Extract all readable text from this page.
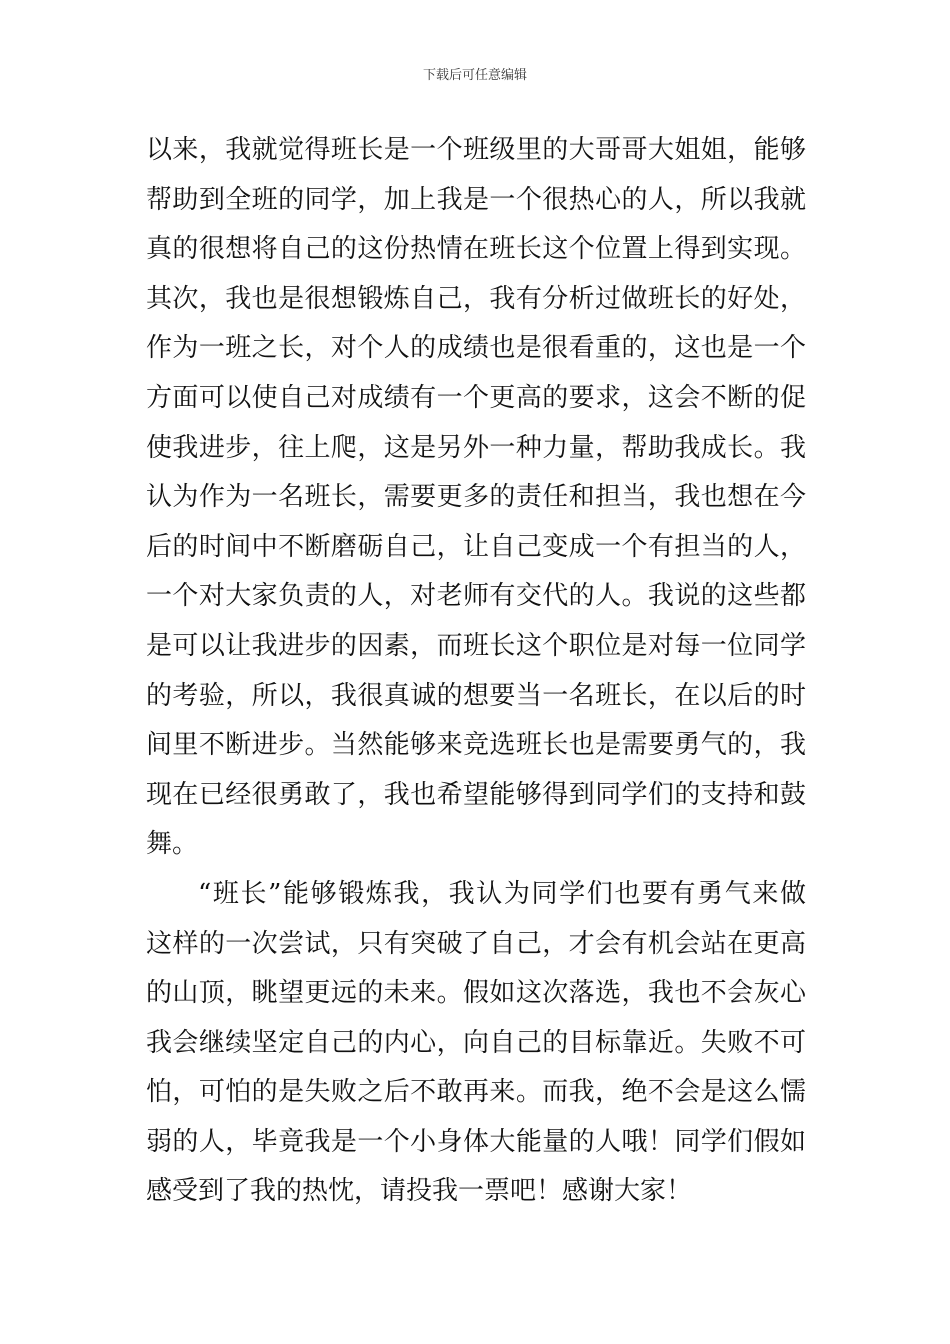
下载后可任意编辑
以来，我就觉得班长是一个班级里的大哥哥大姐姐，能够
帮助到全班的同学，加上我是一个很热心的人，所以我就
真的很想将自己的这份热情在班长这个位置上得到实现。
其次，我也是很想锻炼自己，我有分析过做班长的好处，
作为一班之长，对个人的成绩也是很看重的，这也是一个
方面可以使自己对成绩有一个更高的要求，这会不断的促
使我进步，往上爬，这是另外一种力量，帮助我成长。我
认为作为一名班长，需要更多的责任和担当，我也想在今
后的时间中不断磨砺自己，让自己变成一个有担当的人，
一个对大家负责的人，对老师有交代的人。我说的这些都
是可以让我进步的因素，而班长这个职位是对每一位同学
的考验，所以，我很真诚的想要当一名班长，在以后的时
间里不断进步。当然能够来竞选班长也是需要勇气的，我
现在已经很勇敢了，我也希望能够得到同学们的支持和鼓
舞。
“班长”能够锻炼我，我认为同学们也要有勇气来做
这样的一次尝试，只有突破了自己，才会有机会站在更高
的山顶，眺望更远的未来。假如这次落选，我也不会灰心
我会继续坚定自己的内心，向自己的目标靠近。失败不可
怕，可怕的是失败之后不敢再来。而我，绝不会是这么懦
弱的人，毕竟我是一个小身体大能量的人哦！同学们假如
感受到了我的热忱，请投我一票吧！感谢大家！
